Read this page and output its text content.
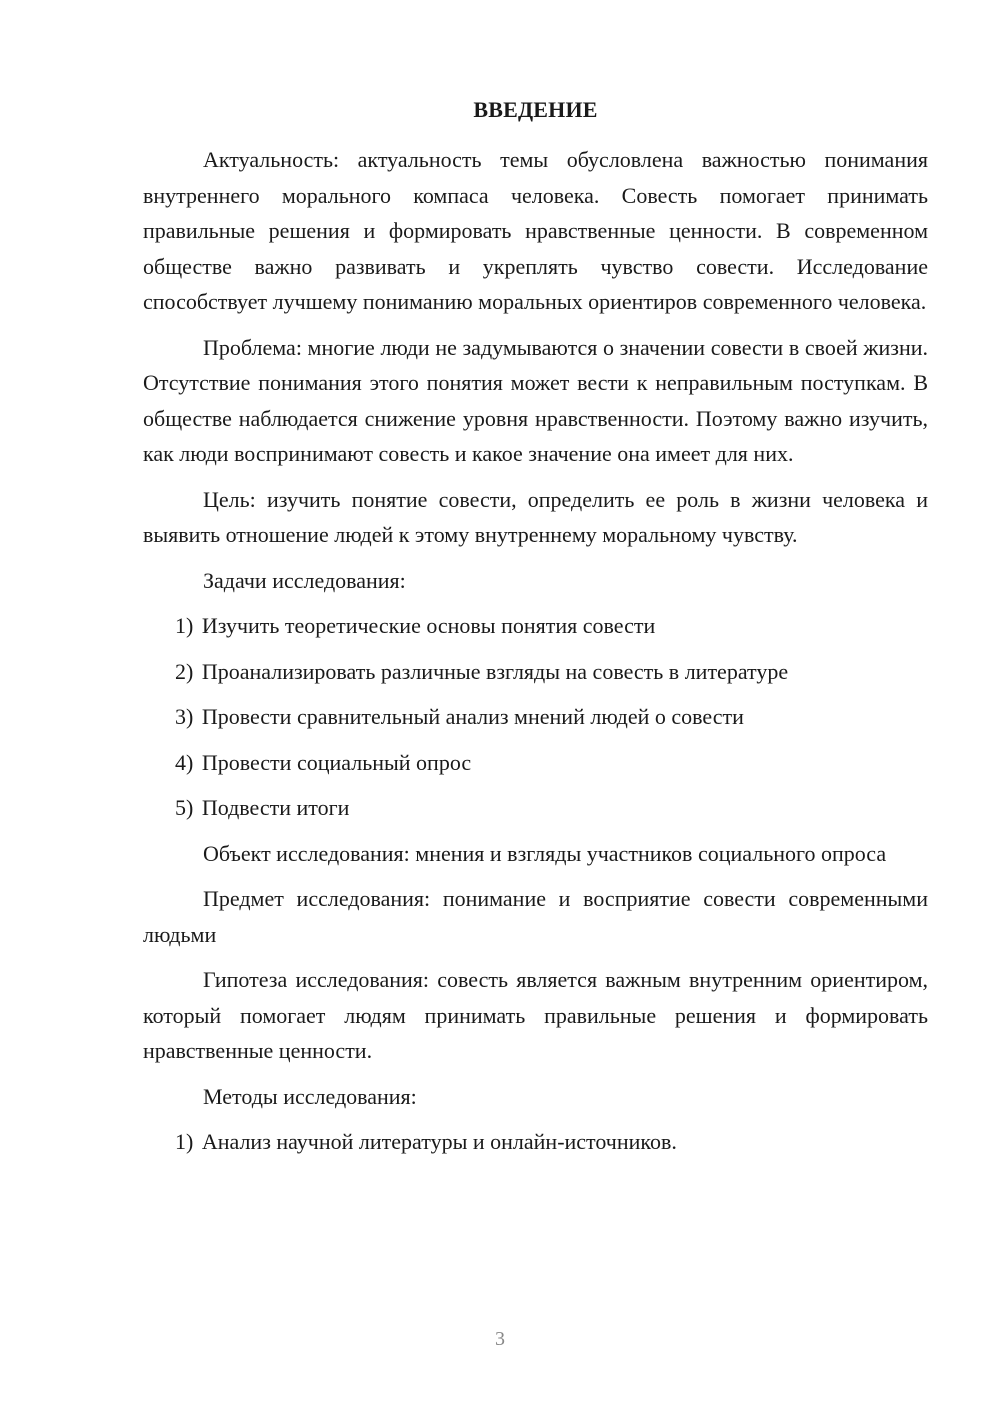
ВВЕДЕНИЕ

Актуальность: актуальность темы обусловлена важностью понимания внутреннего морального компаса человека. Совесть помогает принимать правильные решения и формировать нравственные ценности. В современном обществе важно развивать и укреплять чувство совести. Исследование способствует лучшему пониманию моральных ориентиров современного человека.

Проблема: многие люди не задумываются о значении совести в своей жизни. Отсутствие понимания этого понятия может вести к неправильным поступкам. В обществе наблюдается снижение уровня нравственности. Поэтому важно изучить, как люди воспринимают совесть и какое значение она имеет для них.

Цель: изучить понятие совести, определить ее роль в жизни человека и выявить отношение людей к этому внутреннему моральному чувству.

Задачи исследования:

1) Изучить теоретические основы понятия совести
2) Проанализировать различные взгляды на совесть в литературе
3) Провести сравнительный анализ мнений людей о совести
4) Провести социальный опрос
5) Подвести итоги

Объект исследования: мнения и взгляды участников социального опроса

Предмет исследования: понимание и восприятие совести современными людьми

Гипотеза исследования: совесть является важным внутренним ориентиром, который помогает людям принимать правильные решения и формировать нравственные ценности.

Методы исследования:

1) Анализ научной литературы и онлайн-источников.
3
